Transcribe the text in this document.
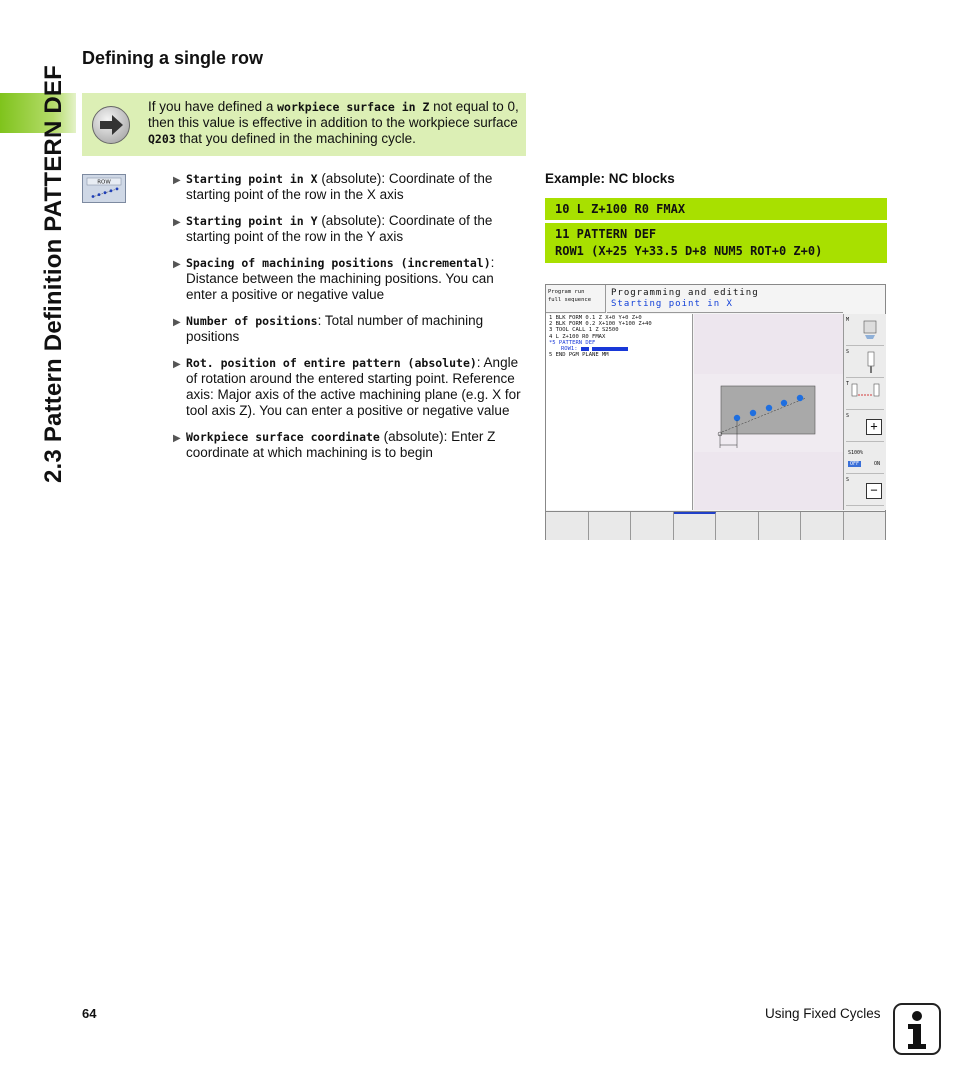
2.3 Pattern Definition PATTERN DEF
Defining a single row
If you have defined a workpiece surface in Z not equal to 0, then this value is effective in addition to the workpiece surface Q203 that you defined in the machining cycle.
ROW	▶ Starting point in X (absolute): Coordinate of the starting point of the row in the X axis
▶ Starting point in Y (absolute): Coordinate of the starting point of the row in the Y axis
▶ Spacing of machining positions (incremental): Distance between the machining positions. You can enter a positive or negative value
▶ Number of positions: Total number of machining positions
▶ Rot. position of entire pattern (absolute): Angle of rotation around the entered starting point. Reference axis: Major axis of the active machining plane (e.g. X for tool axis Z). You can enter a positive or negative value
▶ Workpiece surface coordinate (absolute): Enter Z coordinate at which machining is to begin
Example: NC blocks
10 L Z+100 R0 FMAX
11 PATTERN DEF
ROW1 (X+25 Y+33.5 D+8 NUM5 ROT+0 Z+0)
Program run
full sequence
Programming and editing
Starting point in X
1 BLK FORM 0.1 Z X+0 Y+0 Z+0
2 BLK FORM 0.2 X+100 Y+100 Z+40
3 TOOL CALL 1 Z S2500
4 L Z+100 R0 FMAX
*5 PATTERN DEF
ROW1:
5 END PGM PLANE MM
M
S
T
S
+
S100%
OFF	ON
S
−
64	Using Fixed Cycles
